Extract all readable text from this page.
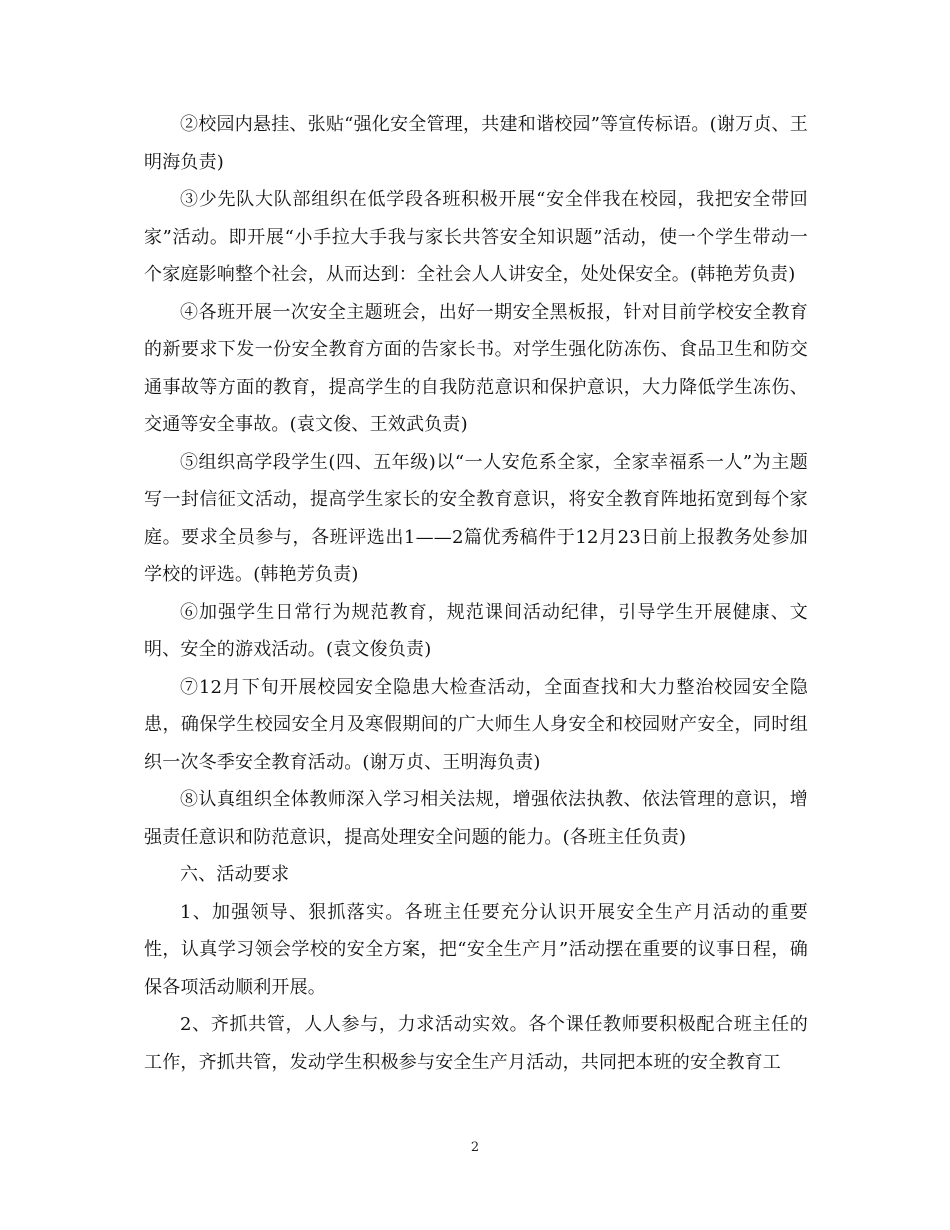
②校园内悬挂、张贴“强化安全管理，共建和谐校园”等宣传标语。(谢万贞、王明海负责)

③少先队大队部组织在低学段各班积极开展“安全伴我在校园，我把安全带回家”活动。即开展“小手拉大手我与家长共答安全知识题”活动，使一个学生带动一个家庭影响整个社会，从而达到：全社会人人讲安全，处处保安全。(韩艳芳负责)

④各班开展一次安全主题班会，出好一期安全黑板报，针对目前学校安全教育的新要求下发一份安全教育方面的告家长书。对学生强化防冻伤、食品卫生和防交通事故等方面的教育，提高学生的自我防范意识和保护意识，大力降低学生冻伤、交通等安全事故。(袁文俊、王效武负责)

⑤组织高学段学生(四、五年级)以“一人安危系全家，全家幸福系一人”为主题写一封信征文活动，提高学生家长的安全教育意识，将安全教育阵地拓宽到每个家庭。要求全员参与，各班评选出1——2篇优秀稿件于12月23日前上报教务处参加学校的评选。(韩艳芳负责)

⑥加强学生日常行为规范教育，规范课间活动纪律，引导学生开展健康、文明、安全的游戏活动。(袁文俊负责)

⑦12月下旬开展校园安全隐患大检查活动，全面查找和大力整治校园安全隐患，确保学生校园安全月及寒假期间的广大师生人身安全和校园财产安全，同时组织一次冬季安全教育活动。(谢万贞、王明海负责)

⑧认真组织全体教师深入学习相关法规，增强依法执教、依法管理的意识，增强责任意识和防范意识，提高处理安全问题的能力。(各班主任负责)

六、活动要求

1、加强领导、狠抓落实。各班主任要充分认识开展安全生产月活动的重要性，认真学习领会学校的安全方案，把“安全生产月”活动摆在重要的议事日程，确保各项活动顺利开展。

2、齐抓共管，人人参与，力求活动实效。各个课任教师要积极配合班主任的工作，齐抓共管，发动学生积极参与安全生产月活动，共同把本班的安全教育工

2
